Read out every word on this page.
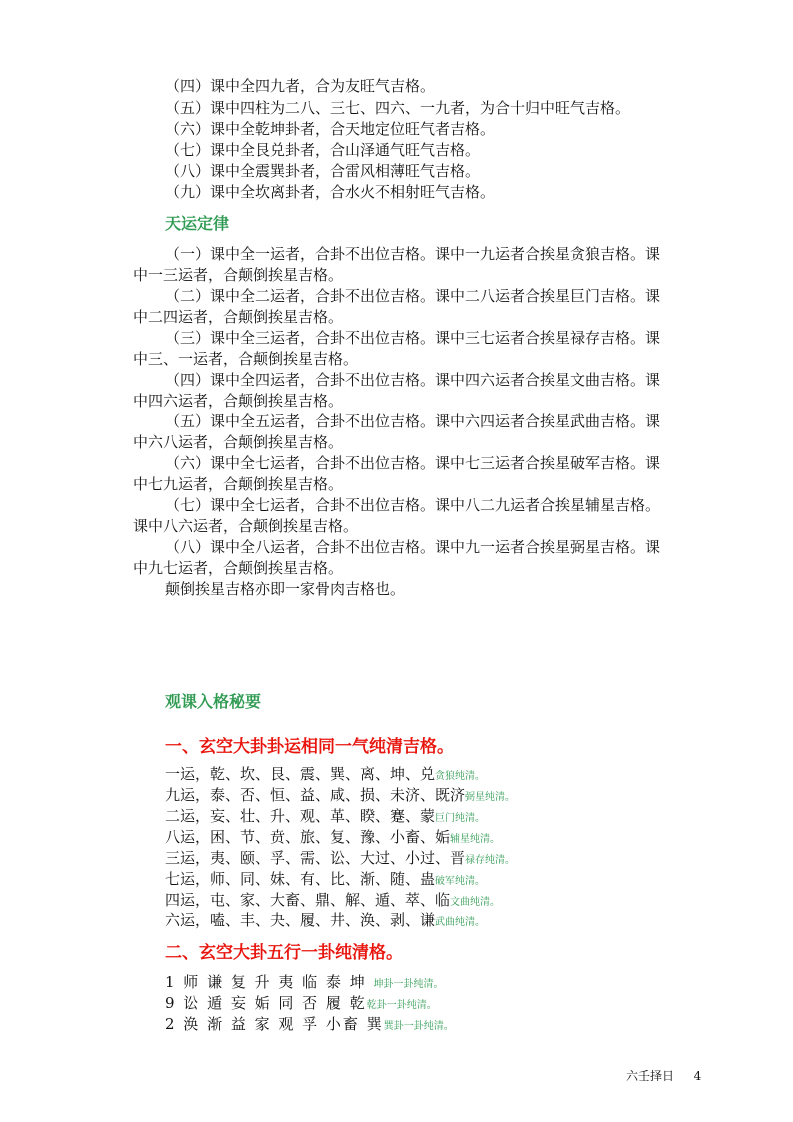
（四）课中全四九者，合为友旺气吉格。

（五）课中四柱为二八、三七、四六、一九者，为合十归中旺气吉格。

（六）课中全乾坤卦者，合天地定位旺气者吉格。

（七）课中全艮兑卦者，合山泽通气旺气吉格。

（八）课中全震巽卦者，合雷风相薄旺气吉格。

（九）课中全坎离卦者，合水火不相射旺气吉格。

天运定律

（一）课中全一运者，合卦不出位吉格。课中一九运者合挨星贪狼吉格。课

中一三运者，合颠倒挨星吉格。

（二）课中全二运者，合卦不出位吉格。课中二八运者合挨星巨门吉格。课

中二四运者，合颠倒挨星吉格。

（三）课中全三运者，合卦不出位吉格。课中三七运者合挨星禄存吉格。课

中三、一运者，合颠倒挨星吉格。

（四）课中全四运者，合卦不出位吉格。课中四六运者合挨星文曲吉格。课

中四六运者，合颠倒挨星吉格。

（五）课中全五运者，合卦不出位吉格。课中六四运者合挨星武曲吉格。课

中六八运者，合颠倒挨星吉格。

（六）课中全七运者，合卦不出位吉格。课中七三运者合挨星破军吉格。课

中七九运者，合颠倒挨星吉格。

（七）课中全七运者，合卦不出位吉格。课中八二九运者合挨星辅星吉格。

课中八六运者，合颠倒挨星吉格。

（八）课中全八运者，合卦不出位吉格。课中九一运者合挨星弼星吉格。课

中九七运者，合颠倒挨星吉格。

颠倒挨星吉格亦即一家骨肉吉格也。

观课入格秘要
一、玄空大卦卦运相同一气纯清吉格。

一运，乾、坎、艮、震、巽、离、坤、兑贪狼纯清。

九运，泰、否、恒、益、咸、损、未济、既济弼星纯清。

二运，妄、壮、升、观、革、睽、蹇、蒙巨门纯清。

八运，困、节、贲、旅、复、豫、小畜、姤辅星纯清。

三运，夷、颐、孚、需、讼、大过、小过、晋禄存纯清。

七运，师、同、妹、有、比、渐、随、蛊破军纯清。

四运，屯、家、大畜、鼎、解、遁、萃、临文曲纯清。

六运，嗑、丰、夬、履、井、涣、剥、谦武曲纯清。

二、玄空大卦五行一卦纯清格。

1 师 谦 复 升 夷 临 泰 坤 坤卦一卦纯清。

9 讼 遁 妄 姤 同 否 履 乾乾卦一卦纯清。

2 涣 渐 益 家 观 孚 小畜 巽巽卦一卦纯清。

六壬择日 4
